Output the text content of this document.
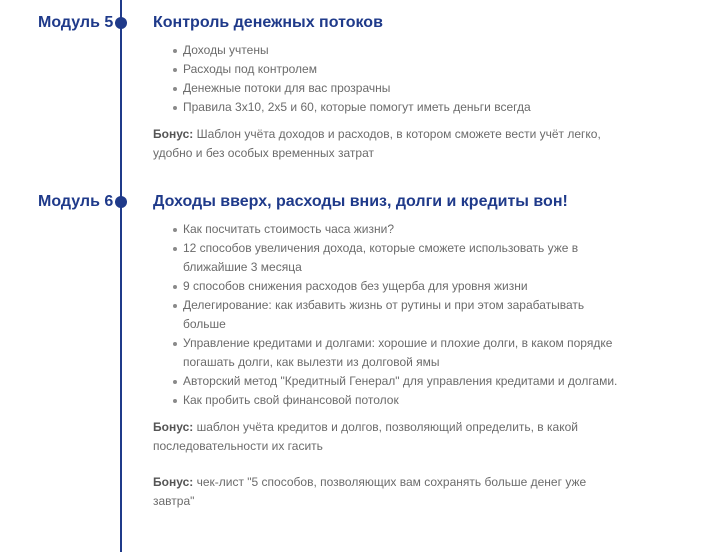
Модуль 5 Контроль денежных потоков
Доходы учтены
Расходы под контролем
Денежные потоки для вас прозрачны
Правила 3х10, 2х5 и 60, которые помогут иметь деньги всегда

Бонус: Шаблон учёта доходов и расходов, в котором сможете вести учёт легко, удобно и без особых временных затрат

Модуль 6 Доходы вверх, расходы вниз, долги и кредиты вон!
Как посчитать стоимость часа жизни?
12 способов увеличения дохода, которые сможете использовать уже в ближайшие 3 месяца
9 способов снижения расходов без ущерба для уровня жизни
Делегирование: как избавить жизнь от рутины и при этом зарабатывать больше
Управление кредитами и долгами: хорошие и плохие долги, в каком порядке погашать долги, как вылезти из долговой ямы
Авторский метод "Кредитный Генерал" для управления кредитами и долгами.
Как пробить свой финансовой потолок

Бонус: шаблон учёта кредитов и долгов, позволяющий определить, в какой последовательности их гасить

Бонус: чек-лист "5 способов, позволяющих вам сохранять больше денег уже завтра"
